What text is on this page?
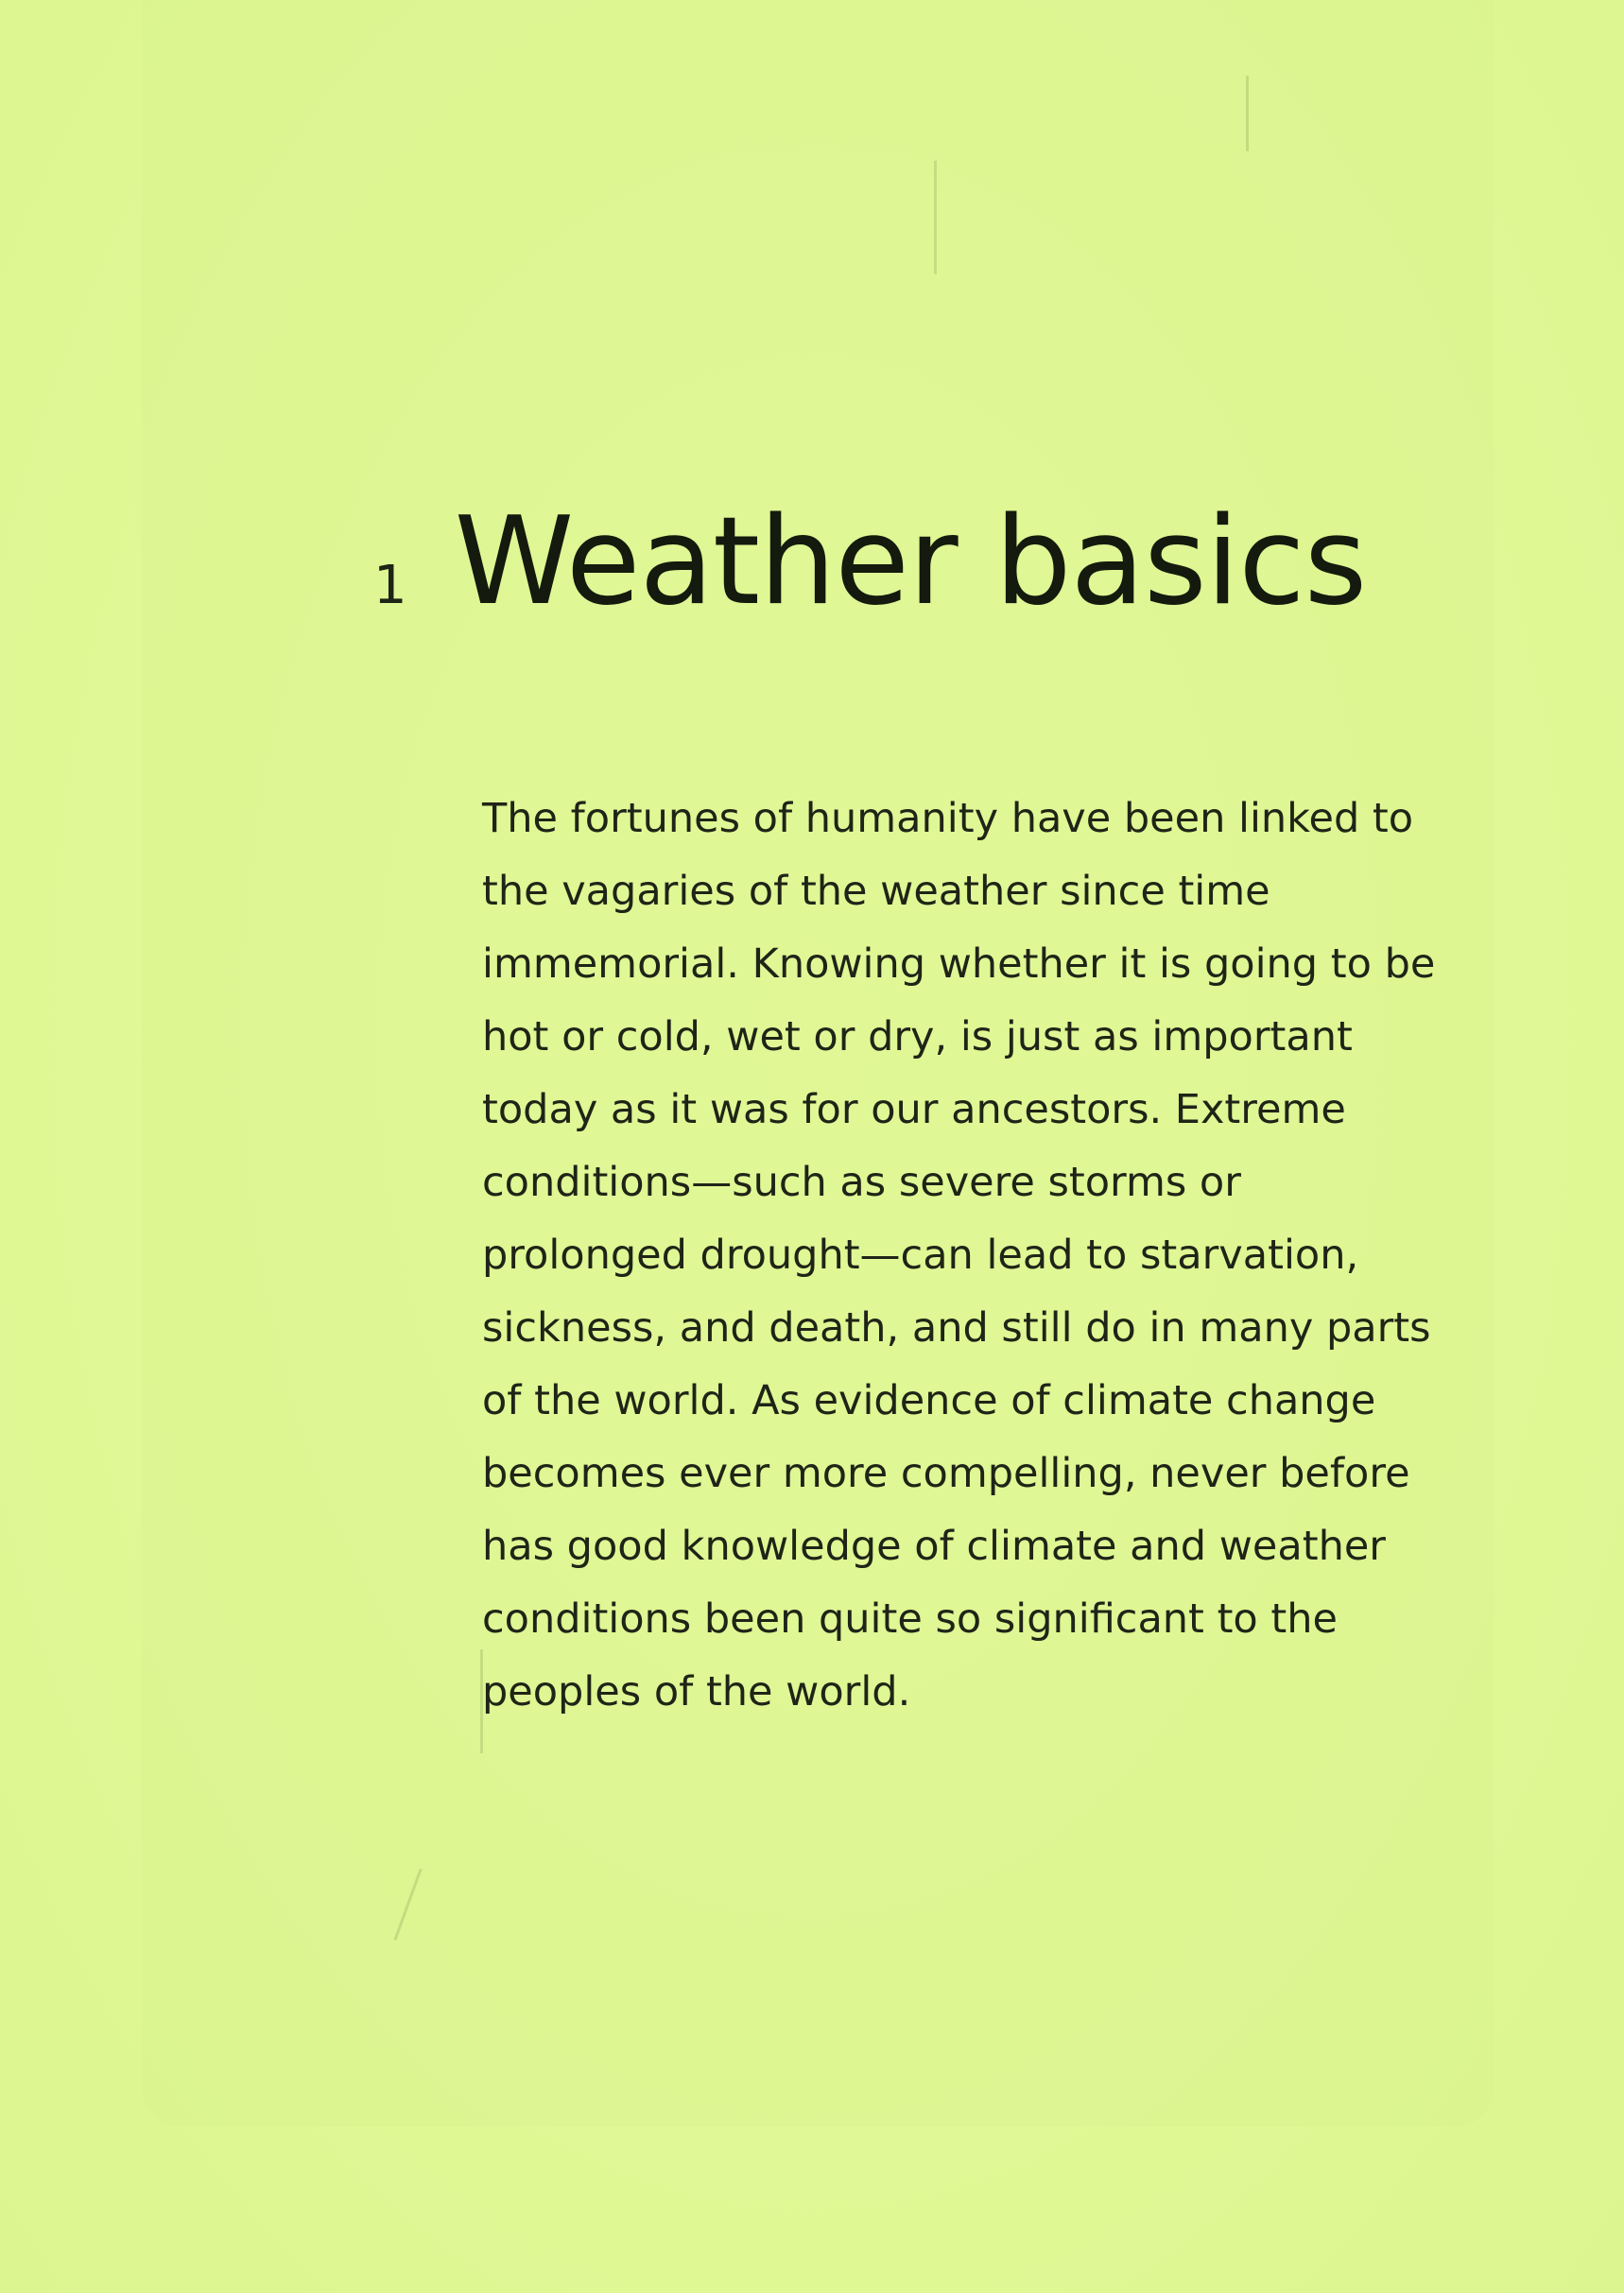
1 Weather basics
The fortunes of humanity have been linked to
the vagaries of the weather since time
immemorial. Knowing whether it is going to be
hot or cold, wet or dry, is just as important
today as it was for our ancestors. Extreme
conditions—such as severe storms or
prolonged drought—can lead to starvation,
sickness, and death, and still do in many parts
of the world. As evidence of climate change
becomes ever more compelling, never before
has good knowledge of climate and weather
conditions been quite so significant to the
peoples of the world.
